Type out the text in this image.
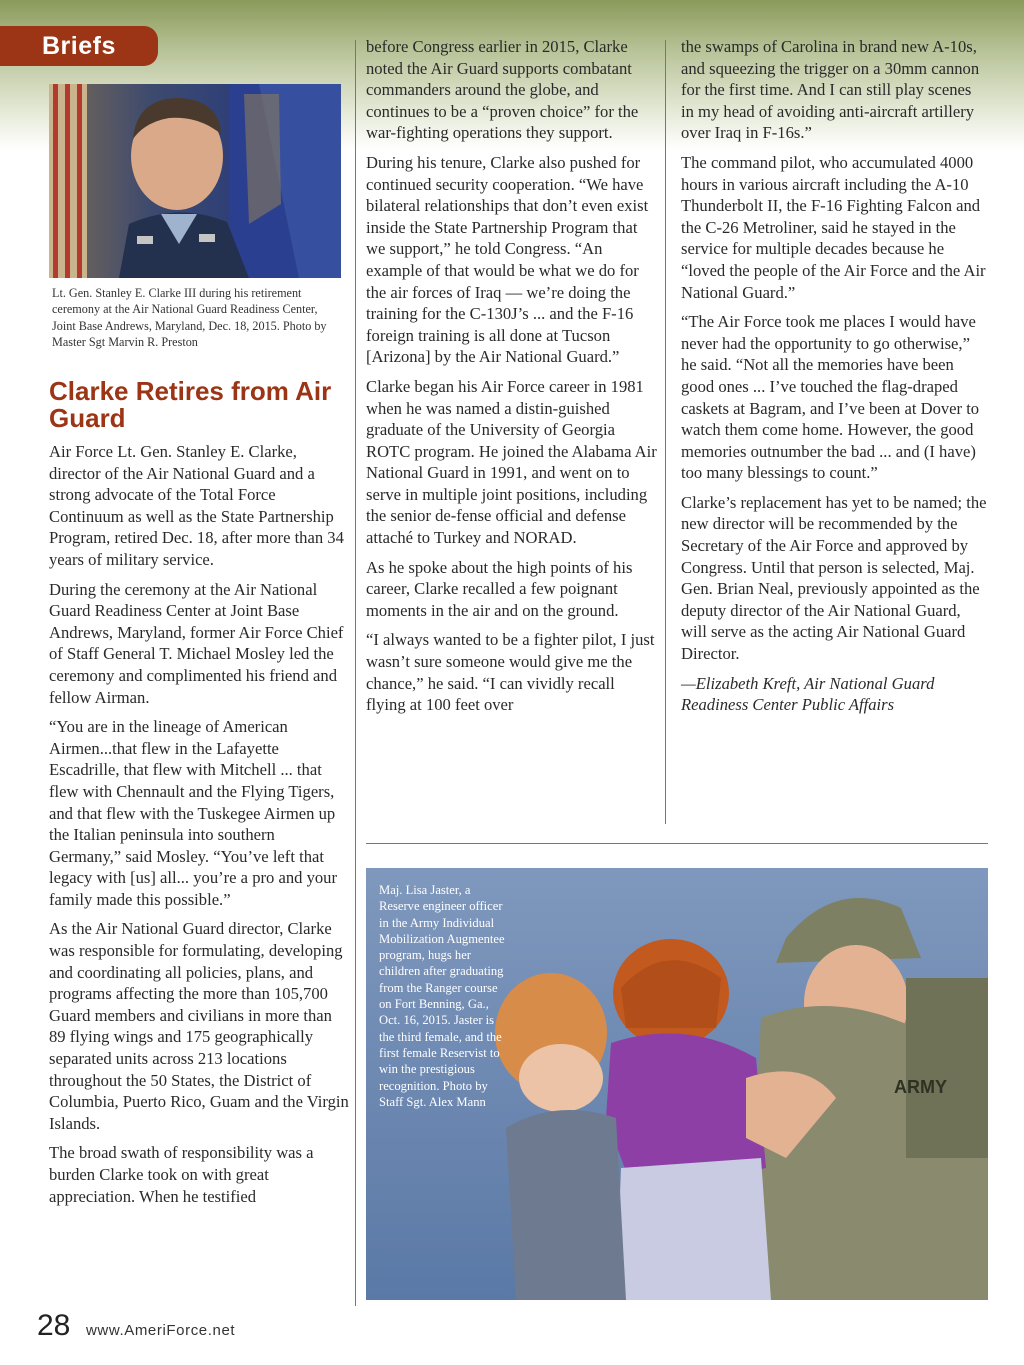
Briefs
Lt. Gen. Stanley E. Clarke III during his retirement ceremony at the Air National Guard Readiness Center, Joint Base Andrews, Maryland, Dec. 18, 2015. Photo by Master Sgt Marvin R. Preston
Clarke Retires from Air Guard

Air Force Lt. Gen. Stanley E. Clarke, director of the Air National Guard and a strong advocate of the Total Force Continuum as well as the State Partnership Program, retired Dec. 18, after more than 34 years of military service.

During the ceremony at the Air National Guard Readiness Center at Joint Base Andrews, Maryland, former Air Force Chief of Staff General T. Michael Mosley led the ceremony and complimented his friend and fellow Airman.

“You are in the lineage of American Airmen...that flew in the Lafayette Escadrille, that flew with Mitchell ... that flew with Chennault and the Flying Tigers, and that flew with the Tuskegee Airmen up the Italian peninsula into southern Germany,” said Mosley. “You’ve left that legacy with [us] all... you’re a pro and your family made this possible.”

As the Air National Guard director, Clarke was responsible for formulating, developing and coordinating all policies, plans, and programs affecting the more than 105,700 Guard members and civilians in more than 89 flying wings and 175 geographically separated units across 213 locations throughout the 50 States, the District of Columbia, Puerto Rico, Guam and the Virgin Islands.

The broad swath of responsibility was a burden Clarke took on with great appreciation. When he testified

before Congress earlier in 2015, Clarke noted the Air Guard supports combatant commanders around the globe, and continues to be a “proven choice” for the war-fighting operations they support.

During his tenure, Clarke also pushed for continued security cooperation. “We have bilateral relationships that don’t even exist inside the State Partnership Program that we support,” he told Congress. “An example of that would be what we do for the air forces of Iraq — we’re doing the training for the C-130J’s ... and the F-16 foreign training is all done at Tucson [Arizona] by the Air National Guard.”

Clarke began his Air Force career in 1981 when he was named a distin-guished graduate of the University of Georgia ROTC program. He joined the Alabama Air National Guard in 1991, and went on to serve in multiple joint positions, including the senior de-fense official and defense attaché to Turkey and NORAD.

As he spoke about the high points of his career, Clarke recalled a few poignant moments in the air and on the ground.

“I always wanted to be a fighter pilot, I just wasn’t sure someone would give me the chance,” he said. “I can vividly recall flying at 100 feet over

the swamps of Carolina in brand new A-10s, and squeezing the trigger on a 30mm cannon for the first time. And I can still play scenes in my head of avoiding anti-aircraft artillery over Iraq in F-16s.”

The command pilot, who accumulated 4000 hours in various aircraft including the A-10 Thunderbolt II, the F-16 Fighting Falcon and the C-26 Metroliner, said he stayed in the service for multiple decades because he “loved the people of the Air Force and the Air National Guard.”

“The Air Force took me places I would have never had the opportunity to go otherwise,” he said. “Not all the memories have been good ones ... I’ve touched the flag-draped caskets at Bagram, and I’ve been at Dover to watch them come home. However, the good memories outnumber the bad ... and (I have) too many blessings to count.”

Clarke’s replacement has yet to be named; the new director will be recommended by the Secretary of the Air Force and approved by Congress. Until that person is selected, Maj. Gen. Brian Neal, previously appointed as the deputy director of the Air National Guard, will serve as the acting Air National Guard Director.

—Elizabeth Kreft, Air National Guard Readiness Center Public Affairs

ARMY
Maj. Lisa Jaster, a Reserve engineer officer in the Army Individual Mobilization Augmentee program, hugs her children after graduating from the Ranger course on Fort Benning, Ga., Oct. 16, 2015. Jaster is the third female, and the first female Reservist to win the prestigious recognition. Photo by Staff Sgt. Alex Mann
28 www.AmeriForce.net
